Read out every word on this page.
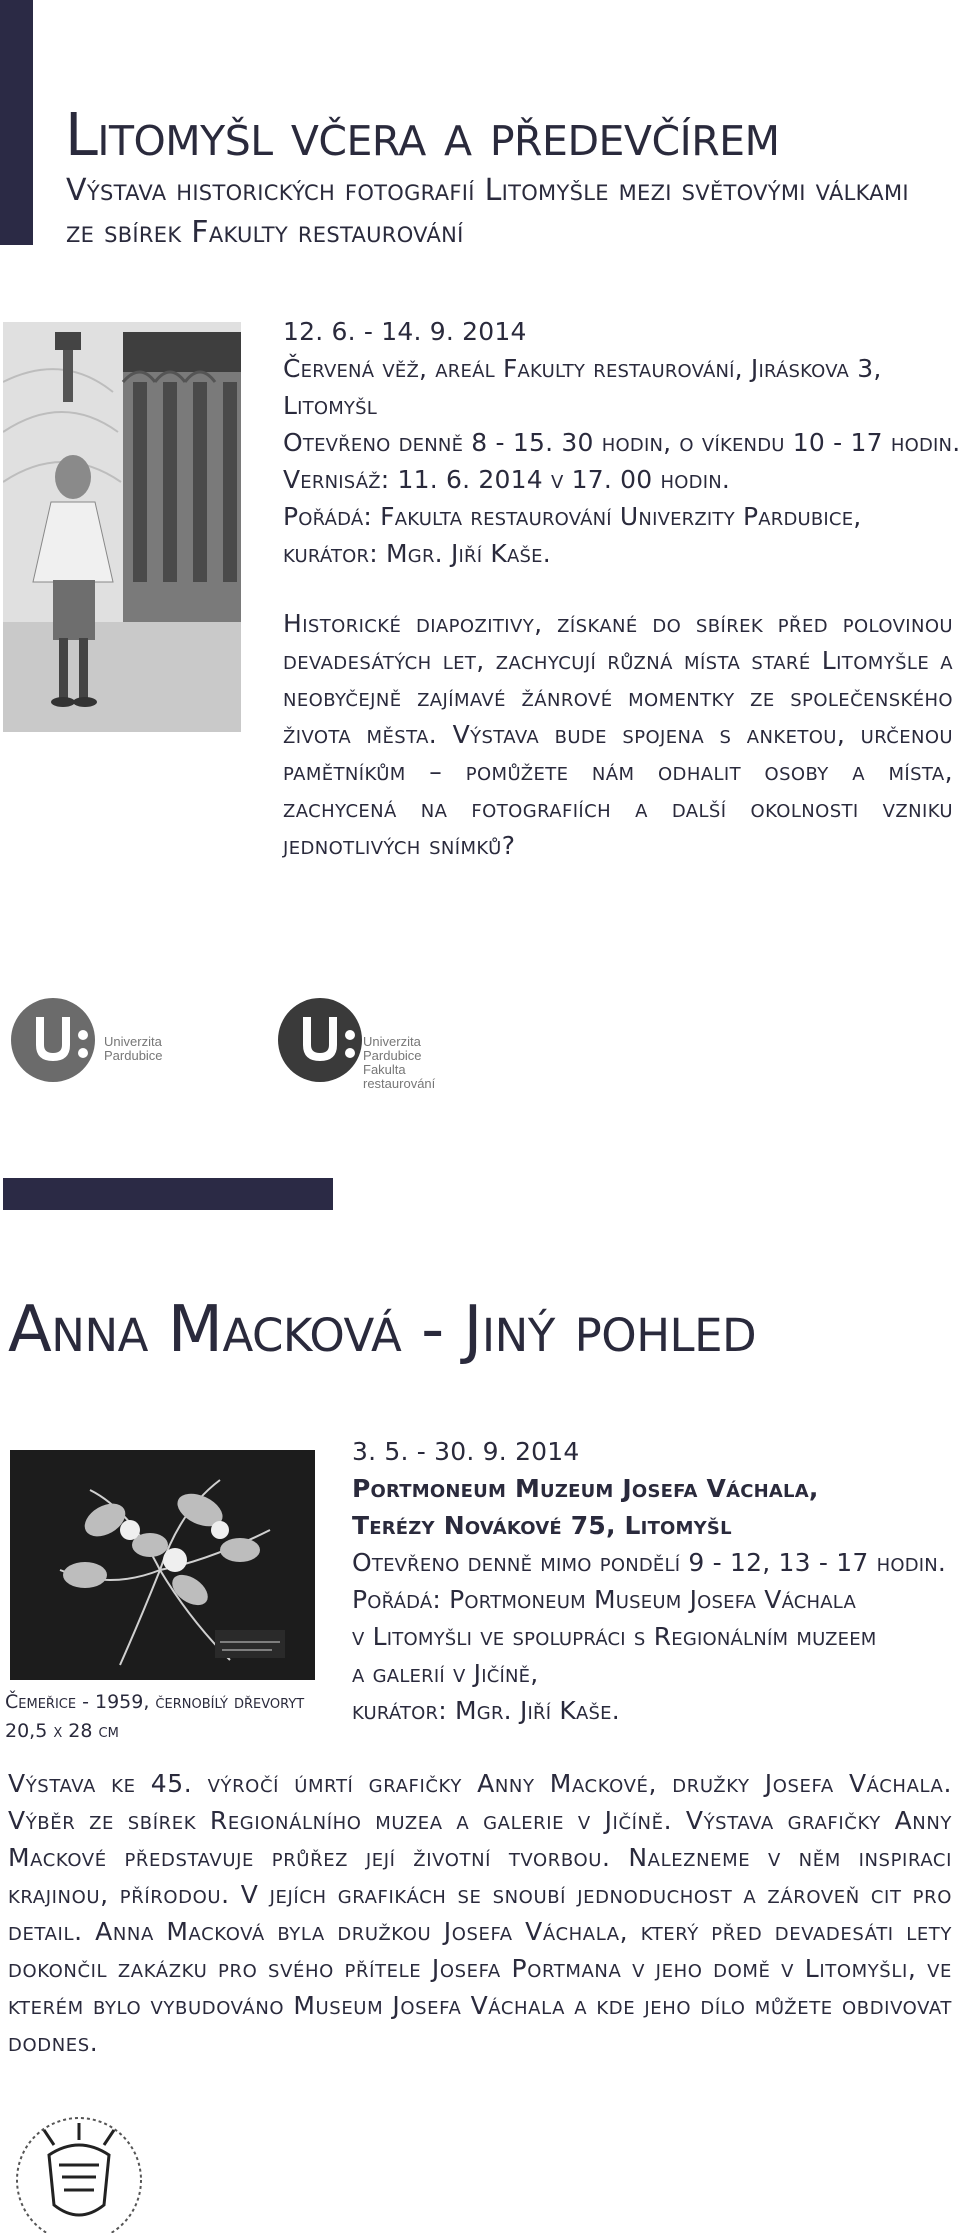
Litomyšl včera a předevčírem

Výstava historických fotografií Litomyšle mezi světovými válkami ze sbírek Fakulty restaurování

12. 6. - 14. 9. 2014
Červená věž, areál Fakulty restaurování, Jiráskova 3,
Litomyšl
Otevřeno denně 8 - 15. 30 hodin, o víkendu 10 - 17 hodin.
Vernisáž: 11. 6. 2014 v 17. 00 hodin.
Pořádá: Fakulta restaurování Univerzity Pardubice,
kurátor: Mgr. Jiří Kaše.

Historické diapozitivy, získané do sbírek před polovinou devadesátých let, zachycují různá místa staré Litomyšle a neobyčejně zajímavé žánrové momentky ze společenského života města. Výstava bude spojena s anketou, určenou pamětníkům – pomůžete nám odhalit osoby a místa, zachycená na fotografiích a další okolnosti vzniku jednotlivých snímků?

Univerzita
Pardubice
Univerzita
Pardubice
Fakulta
restaurování
Anna Macková - Jiný pohled
Čemeřice - 1959, černobílý dřevoryt
20,5 x 28 cm
3. 5. - 30. 9. 2014
Portmoneum Muzeum Josefa Váchala,
Terézy Novákové 75, Litomyšl
Otevřeno denně mimo pondělí 9 - 12, 13 - 17 hodin.
Pořádá: Portmoneum Museum Josefa Váchala
v Litomyšli ve spolupráci s Regionálním muzeem
a galerií v Jičíně,
kurátor: Mgr. Jiří Kaše.

Výstava ke 45. výročí úmrtí grafičky Anny Mackové, družky Josefa Váchala. Výběr ze sbírek Regionálního muzea a galerie v Jičíně. Výstava grafičky Anny Mackové představuje průřez její životní tvorbou. Nalezneme v něm inspiraci krajinou, přírodou. V jejích grafikách se snoubí jednoduchost a zároveň cit pro detail. Anna Macková byla družkou Josefa Váchala, který před devadesáti lety dokončil zakázku pro svého přítele Josefa Portmana v jeho domě v Litomyšli, ve kterém bylo vybudováno Museum Josefa Váchala a kde jeho dílo můžete obdivovat dodnes.
